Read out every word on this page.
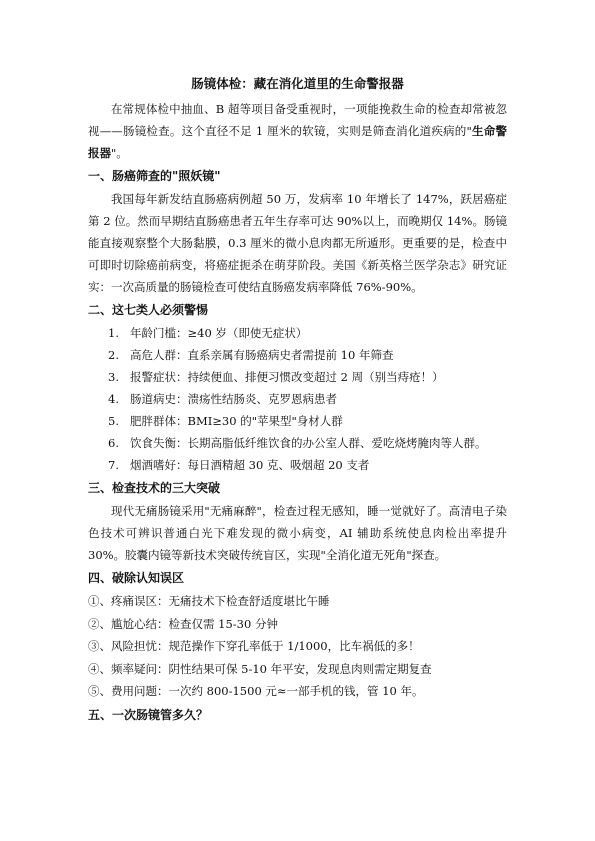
肠镜体检：藏在消化道里的生命警报器

在常规体检中抽血、B 超等项目备受重视时，一项能挽救生命的检查却常被忽视——肠镜检查。这个直径不足 1 厘米的软镜，实则是筛查消化道疾病的"生命警报器"。

一、肠癌筛查的"照妖镜"

我国每年新发结直肠癌病例超 50 万，发病率 10 年增长了 147%，跃居癌症第 2 位。然而早期结直肠癌患者五年生存率可达 90%以上，而晚期仅 14%。肠镜能直接观察整个大肠黏膜，0.3 厘米的微小息肉都无所遁形。更重要的是，检查中可即时切除癌前病变，将癌症扼杀在萌芽阶段。美国《新英格兰医学杂志》研究证实：一次高质量的肠镜检查可使结直肠癌发病率降低 76%-90%。

二、这七类人必须警惕
1. 年龄门槛：≥40 岁（即使无症状）
2. 高危人群：直系亲属有肠癌病史者需提前 10 年筛查
3. 报警症状：持续便血、排便习惯改变超过 2 周（别当痔疮！）
4. 肠道病史：溃疡性结肠炎、克罗恩病患者
5. 肥胖群体：BMI≥30 的"苹果型"身材人群
6. 饮食失衡：长期高脂低纤维饮食的办公室人群、爱吃烧烤腌肉等人群。
7. 烟酒嗜好：每日酒精超 30 克、吸烟超 20 支者
三、检查技术的三大突破

现代无痛肠镜采用"无痛麻醉"，检查过程无感知，睡一觉就好了。高清电子染色技术可辨识普通白光下难发现的微小病变，AI 辅助系统使息肉检出率提升 30%。胶囊内镜等新技术突破传统盲区，实现"全消化道无死角"探查。

四、破除认知误区
①、疼痛误区：无痛技术下检查舒适度堪比午睡
②、尴尬心结：检查仅需 15-30 分钟
③、风险担忧：规范操作下穿孔率低于 1/1000，比车祸低的多！
④、频率疑问：阴性结果可保 5-10 年平安，发现息肉则需定期复查
⑤、费用问题：一次约 800-1500 元≈一部手机的钱，管 10 年。
五、一次肠镜管多久？
